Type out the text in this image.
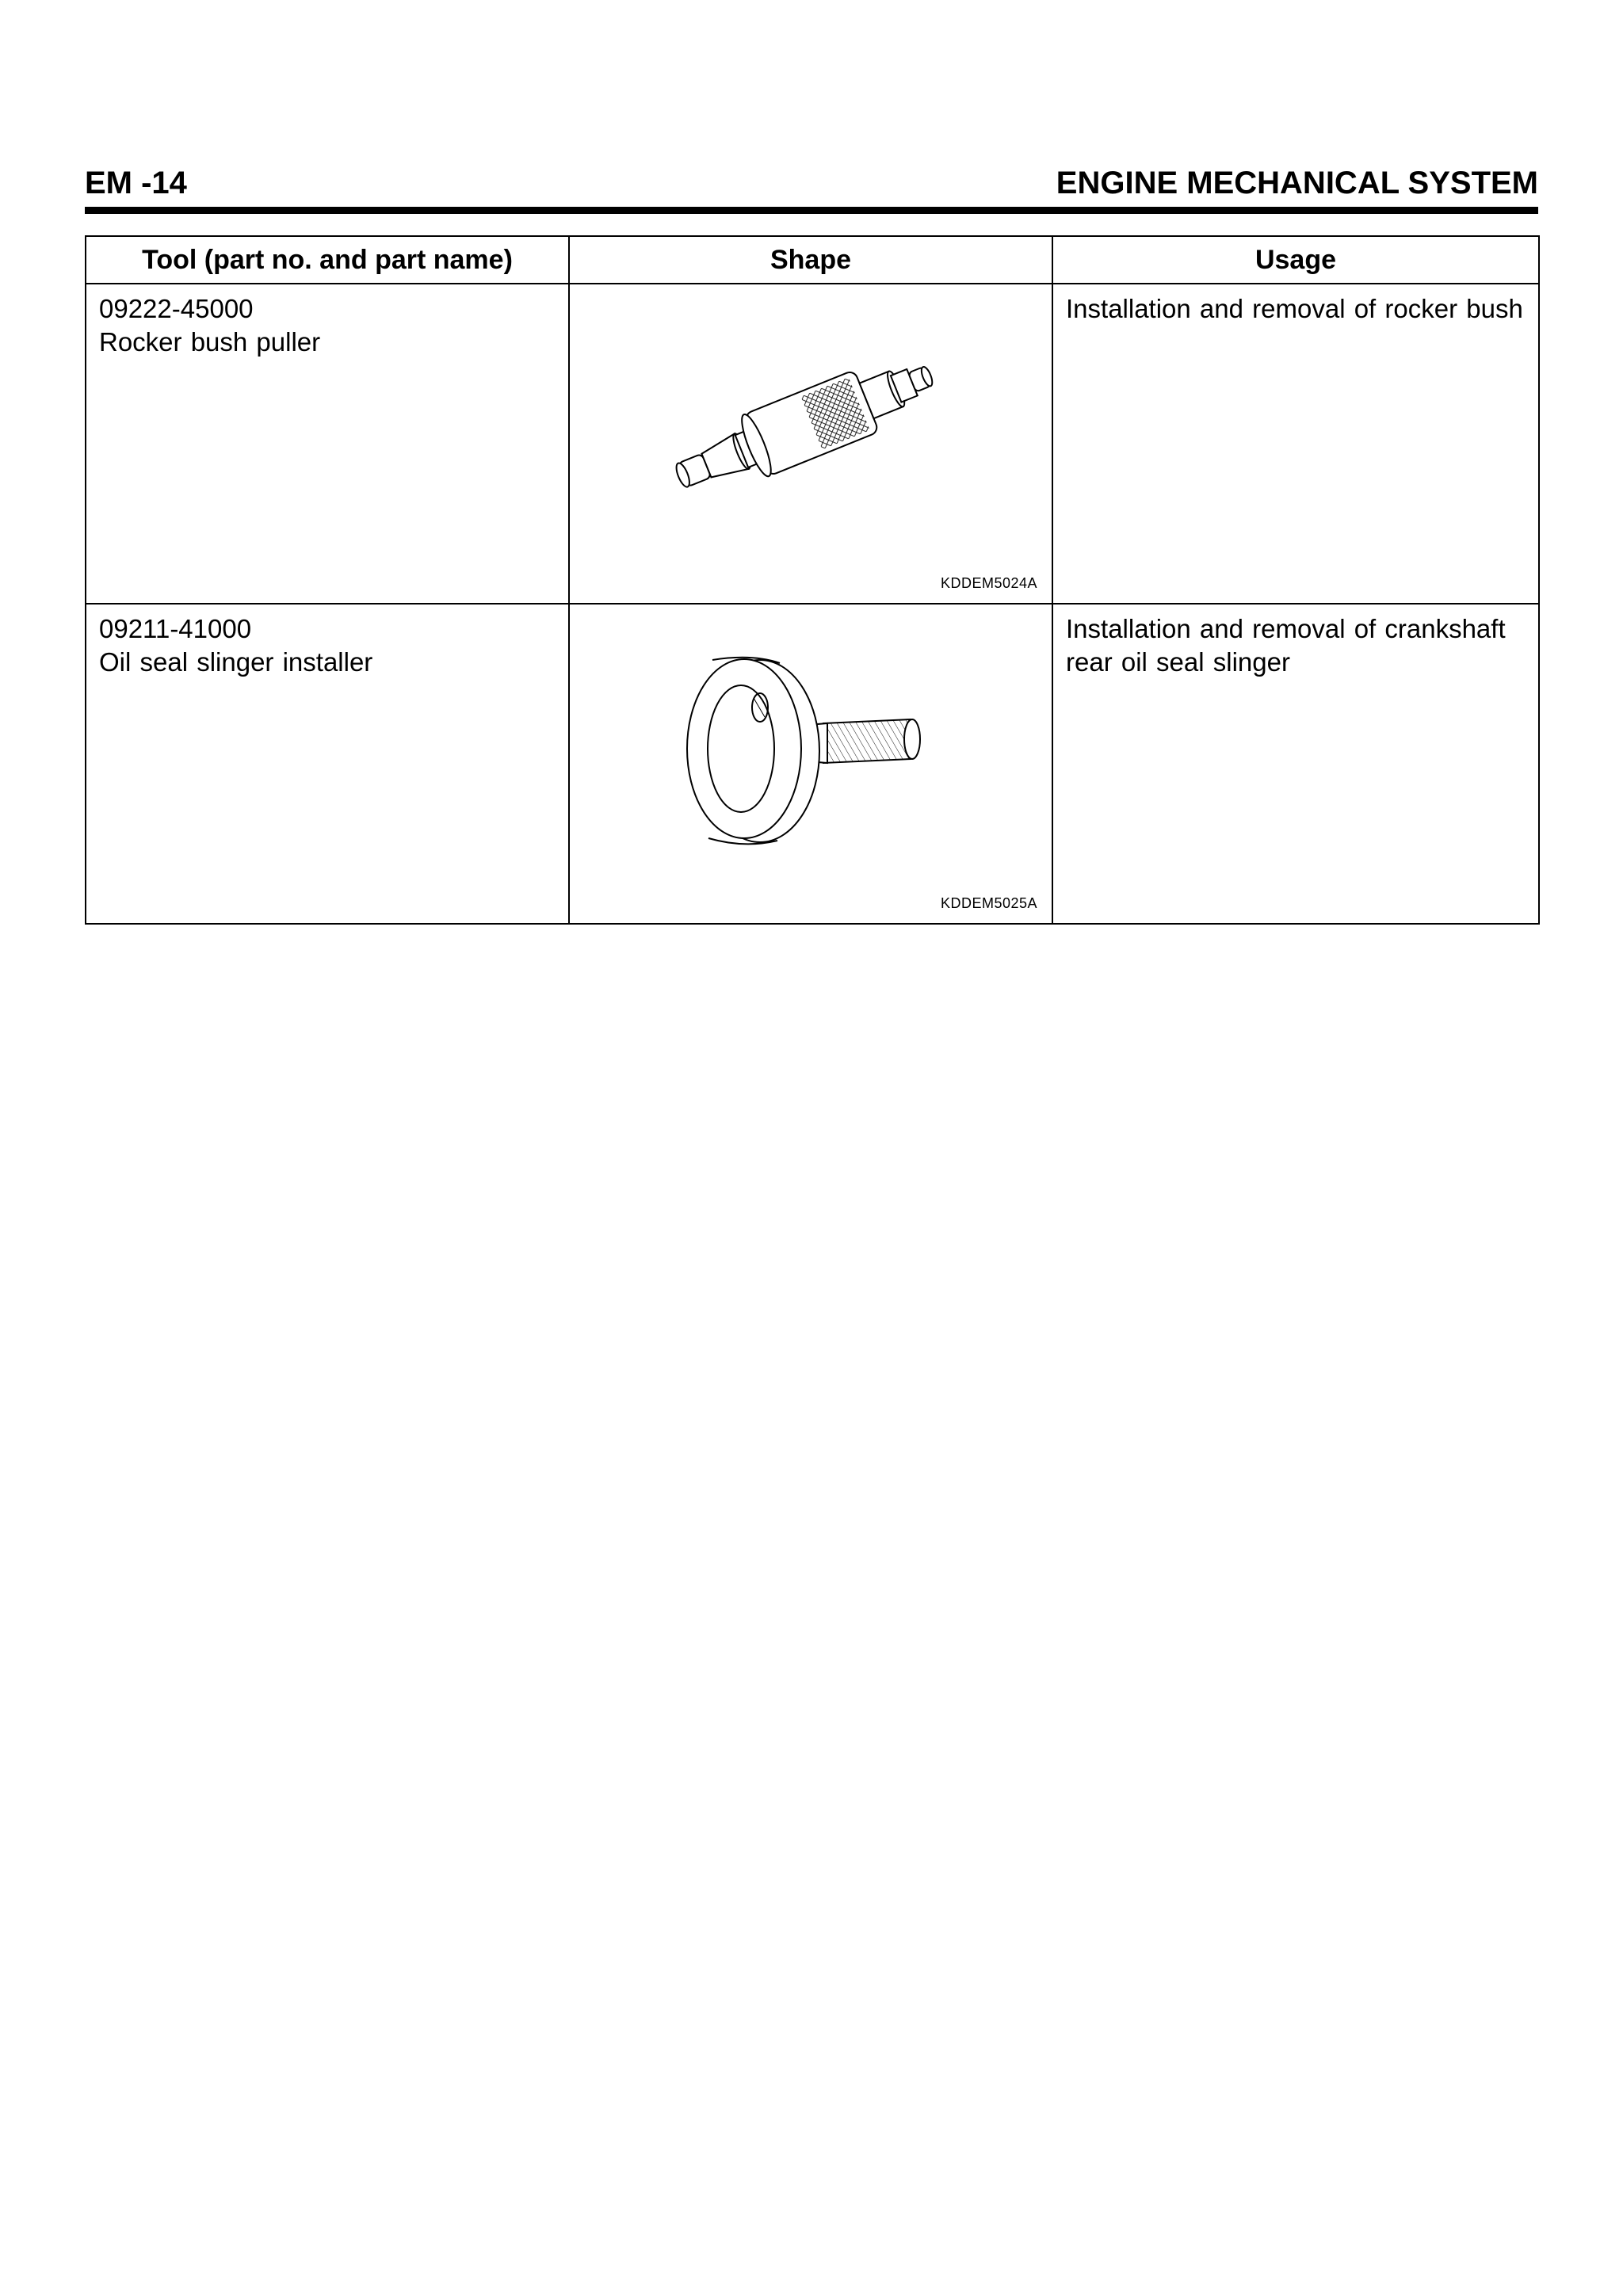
EM -14	ENGINE MECHANICAL SYSTEM
Tool (part no. and part name)	Shape	Usage

09222-45000
Rocker bush puller	KDDEM5024A	Installation and removal of rocker bush

09211-41000
Oil seal slinger installer	KDDEM5025A	Installation and removal of crankshaft rear oil seal slinger
